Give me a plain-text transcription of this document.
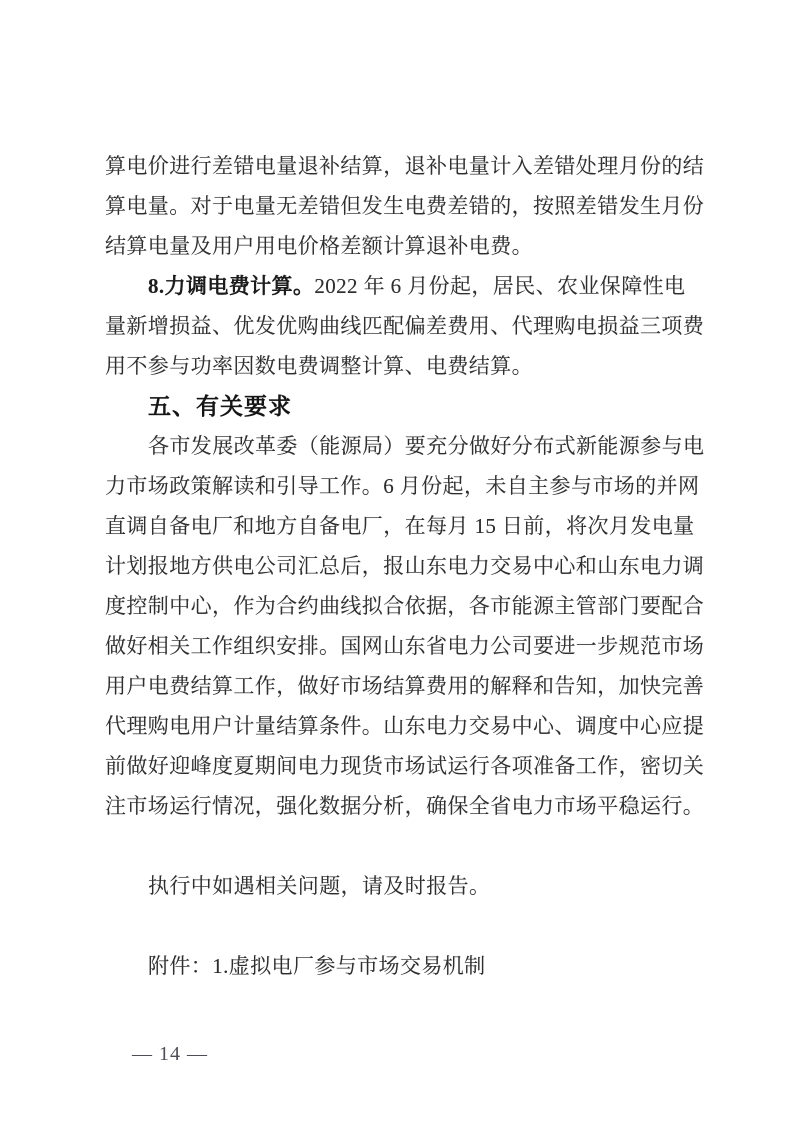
算电价进行差错电量退补结算，退补电量计入差错处理月份的结
算电量。对于电量无差错但发生电费差错的，按照差错发生月份
结算电量及用户用电价格差额计算退补电费。
8.力调电费计算。2022 年 6 月份起，居民、农业保障性电
量新增损益、优发优购曲线匹配偏差费用、代理购电损益三项费
用不参与功率因数电费调整计算、电费结算。
五、有关要求
各市发展改革委（能源局）要充分做好分布式新能源参与电
力市场政策解读和引导工作。6 月份起，未自主参与市场的并网
直调自备电厂和地方自备电厂，在每月 15 日前，将次月发电量
计划报地方供电公司汇总后，报山东电力交易中心和山东电力调
度控制中心，作为合约曲线拟合依据，各市能源主管部门要配合
做好相关工作组织安排。国网山东省电力公司要进一步规范市场
用户电费结算工作，做好市场结算费用的解释和告知，加快完善
代理购电用户计量结算条件。山东电力交易中心、调度中心应提
前做好迎峰度夏期间电力现货市场试运行各项准备工作，密切关
注市场运行情况，强化数据分析，确保全省电力市场平稳运行。
执行中如遇相关问题，请及时报告。
附件：1.虚拟电厂参与市场交易机制
— 14 —
